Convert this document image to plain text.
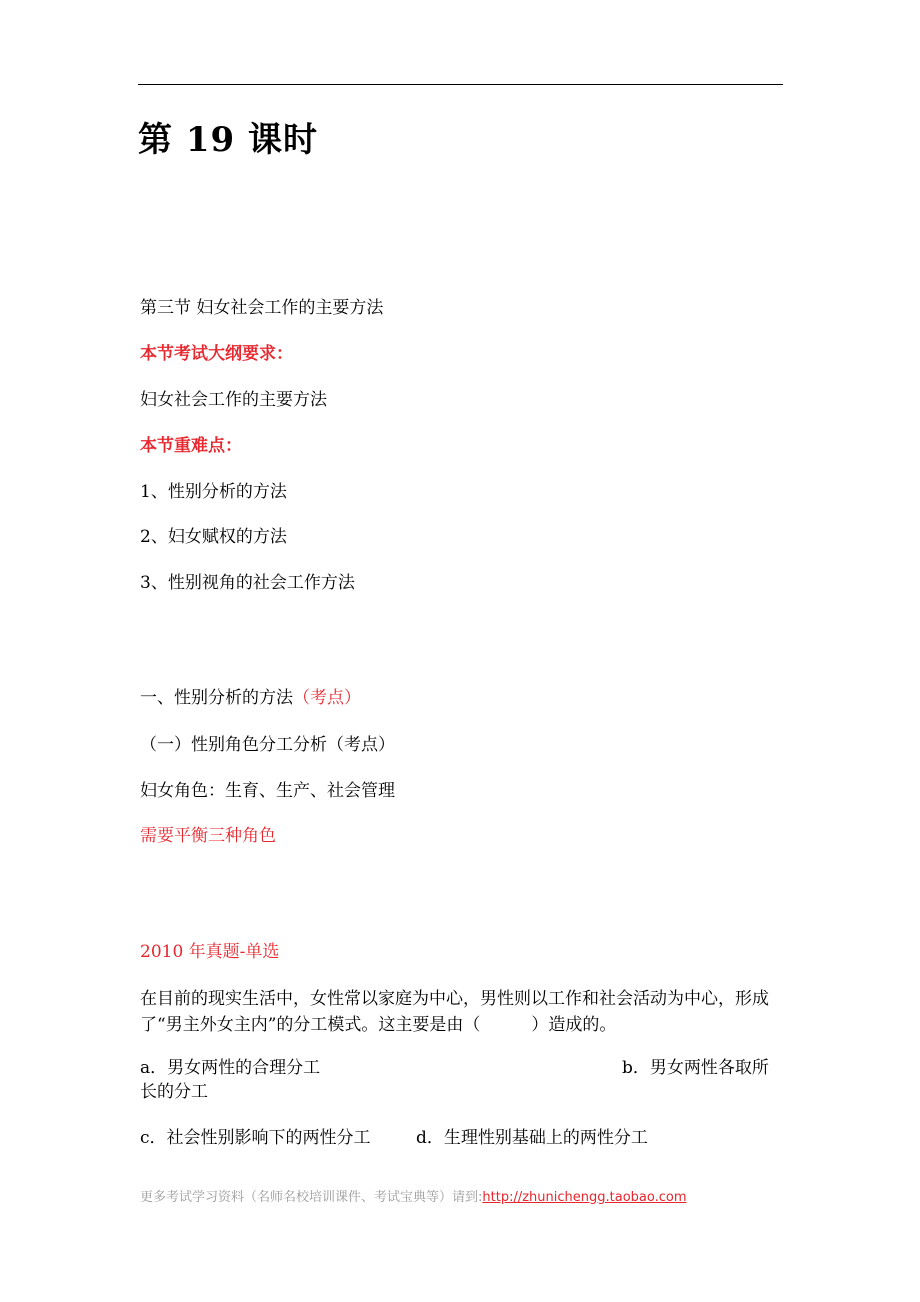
第 19 课时
第三节 妇女社会工作的主要方法
本节考试大纲要求：
妇女社会工作的主要方法
本节重难点：
1、性别分析的方法
2、妇女赋权的方法
3、性别视角的社会工作方法
一、性别分析的方法（考点）
（一）性别角色分工分析（考点）
妇女角色：生育、生产、社会管理
需要平衡三种角色
2010 年真题-单选
在目前的现实生活中，女性常以家庭为中心，男性则以工作和社会活动为中心，形成了“男主外女主内”的分工模式。这主要是由（　　　）造成的。
a．男女两性的合理分工	b．男女两性各取所
长的分工
c．社会性别影响下的两性分工	d．生理性别基础上的两性分工
更多考试学习资料（名师名校培训课件、考试宝典等）请到:http://zhunichengg.taobao.com
